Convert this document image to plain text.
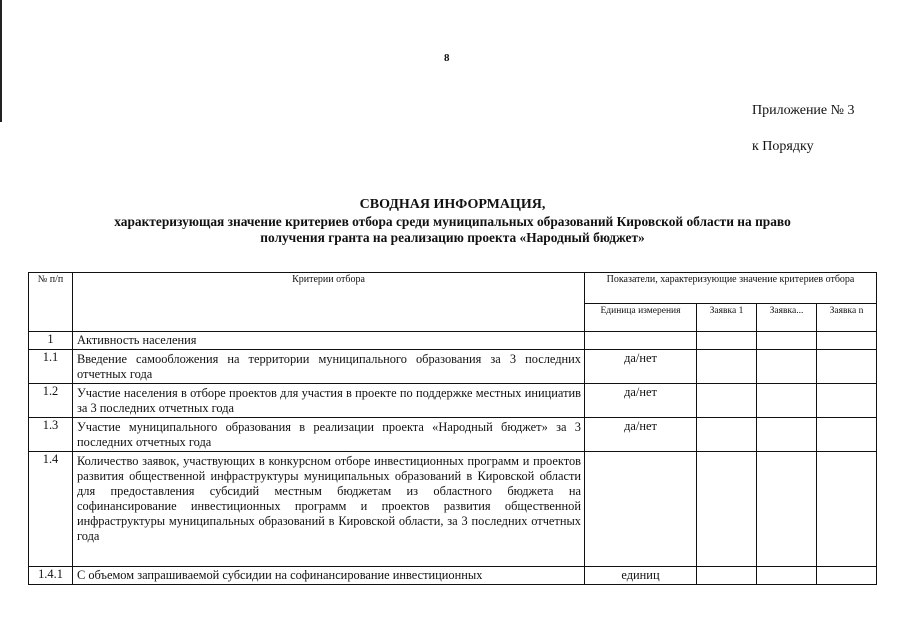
8
Приложение № 3
к Порядку
СВОДНАЯ ИНФОРМАЦИЯ,
характеризующая значение критериев отбора среди муниципальных образований Кировской области на право
получения гранта на реализацию проекта «Народный бюджет»
№ п/п	Критерии отбора	Показатели, характеризующие значение критериев отбора			
		Единица измерения	Заявка 1	Заявка...	Заявка n
1	Активность населения				
1.1	Введение самообложения на территории муниципального образования за 3 последних отчетных года	да/нет			
1.2	Участие населения в отборе проектов для участия в проекте по поддержке местных инициатив за 3 последних отчетных года	да/нет			
1.3	Участие муниципального образования в реализации проекта «Народный бюджет» за 3 последних отчетных года	да/нет			
1.4	Количество заявок, участвующих в конкурсном отборе инвестиционных программ и проектов развития общественной инфраструктуры муниципальных образований в Кировской области для предоставления субсидий местным бюджетам из областного бюджета на софинансирование инвестиционных программ и проектов развития общественной инфраструктуры муниципальных образований в Кировской области, за 3 последних отчетных года				
1.4.1	С объемом запрашиваемой субсидии на софинансирование инвестиционных	единиц			
